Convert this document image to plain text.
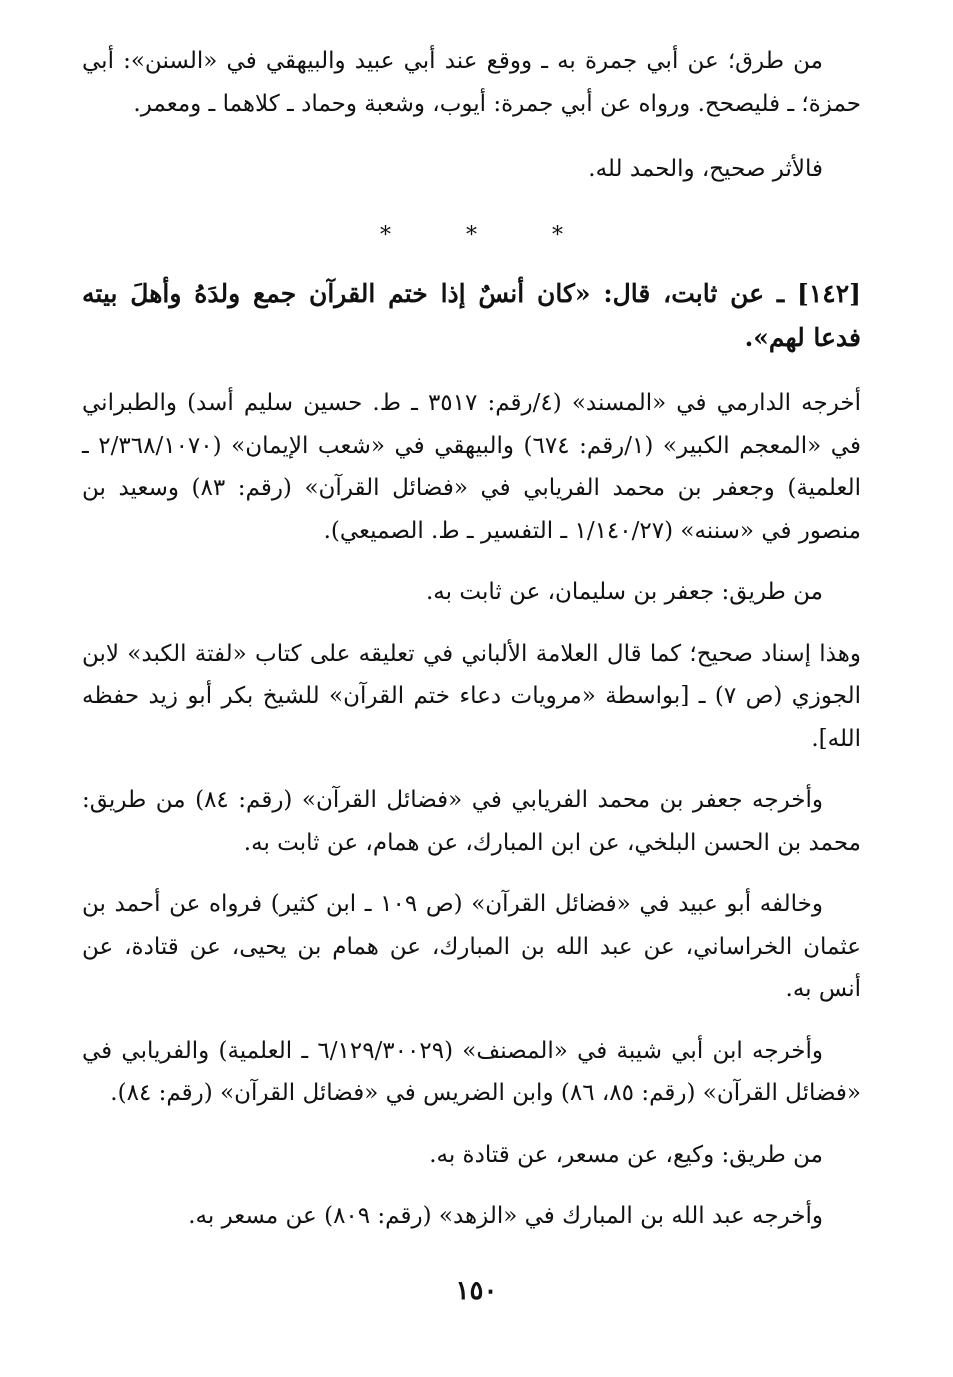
من طرق؛ عن أبي جمرة به ـ ووقع عند أبي عبيد والبيهقي في «السنن»: أبي حمزة؛ ـ فليصحح. ورواه عن أبي جمرة: أيوب، وشعبة وحماد ـ كلاهما ـ ومعمر.

فالأثر صحيح، والحمد لله.

* * *

[١٤٢] ـ عن ثابت، قال: «كان أنسٌ إذا ختم القرآن جمع ولدَهُ وأهلَ بيته فدعا لهم».

أخرجه الدارمي في «المسند» (٤/رقم: ٣٥١٧ ـ ط. حسين سليم أسد) والطبراني في «المعجم الكبير» (١/رقم: ٦٧٤) والبيهقي في «شعب الإيمان» (٢/٣٦٨/١٠٧٠ ـ العلمية) وجعفر بن محمد الفريابي في «فضائل القرآن» (رقم: ٨٣) وسعيد بن منصور في «سننه» (١/١٤٠/٢٧ ـ التفسير ـ ط. الصميعي).

من طريق: جعفر بن سليمان، عن ثابت به.

وهذا إسناد صحيح؛ كما قال العلامة الألباني في تعليقه على كتاب «لفتة الكبد» لابن الجوزي (ص ٧) ـ [بواسطة «مرويات دعاء ختم القرآن» للشيخ بكر أبو زيد حفظه الله].

وأخرجه جعفر بن محمد الفريابي في «فضائل القرآن» (رقم: ٨٤) من طريق: محمد بن الحسن البلخي، عن ابن المبارك، عن همام، عن ثابت به.

وخالفه أبو عبيد في «فضائل القرآن» (ص ١٠٩ ـ ابن كثير) فرواه عن أحمد بن عثمان الخراساني، عن عبد الله بن المبارك، عن همام بن يحيى، عن قتادة، عن أنس به.

وأخرجه ابن أبي شيبة في «المصنف» (٦/١٢٩/٣٠٠٢٩ ـ العلمية) والفريابي في «فضائل القرآن» (رقم: ٨٥، ٨٦) وابن الضريس في «فضائل القرآن» (رقم: ٨٤).

من طريق: وكيع، عن مسعر، عن قتادة به.

وأخرجه عبد الله بن المبارك في «الزهد» (رقم: ٨٠٩) عن مسعر به.

١٥٠
